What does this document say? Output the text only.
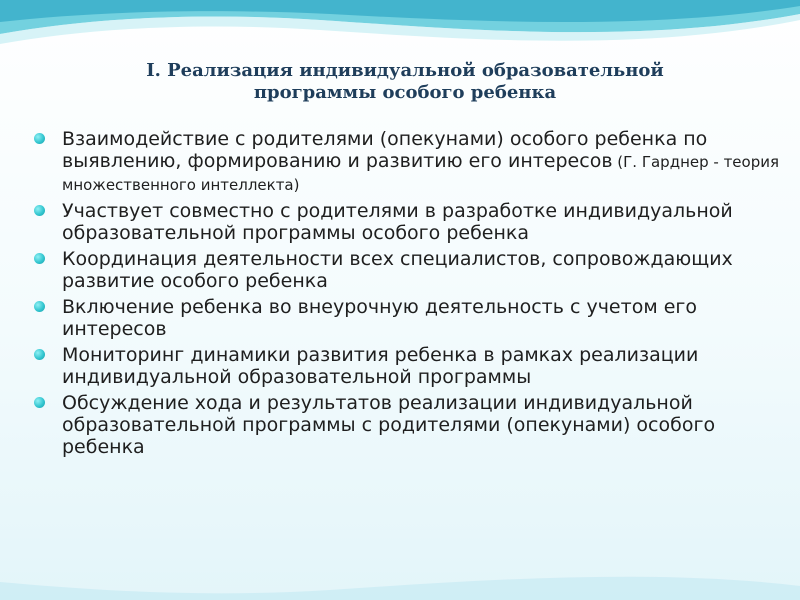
I. Реализация индивидуальной образовательной
программы особого ребенка
Взаимодействие с родителями (опекунами) особого ребенка по выявлению, формированию и развитию его интересов (Г. Гарднер - теория множественного интеллекта)
Участвует совместно с родителями в разработке индивидуальной образовательной программы особого ребенка
Координация деятельности всех специалистов, сопровождающих развитие особого ребенка
Включение ребенка во внеурочную деятельность с учетом его интересов
Мониторинг динамики развития ребенка в рамках реализации индивидуальной образовательной программы
Обсуждение хода и результатов реализации индивидуальной образовательной программы с родителями (опекунами) особого ребенка
